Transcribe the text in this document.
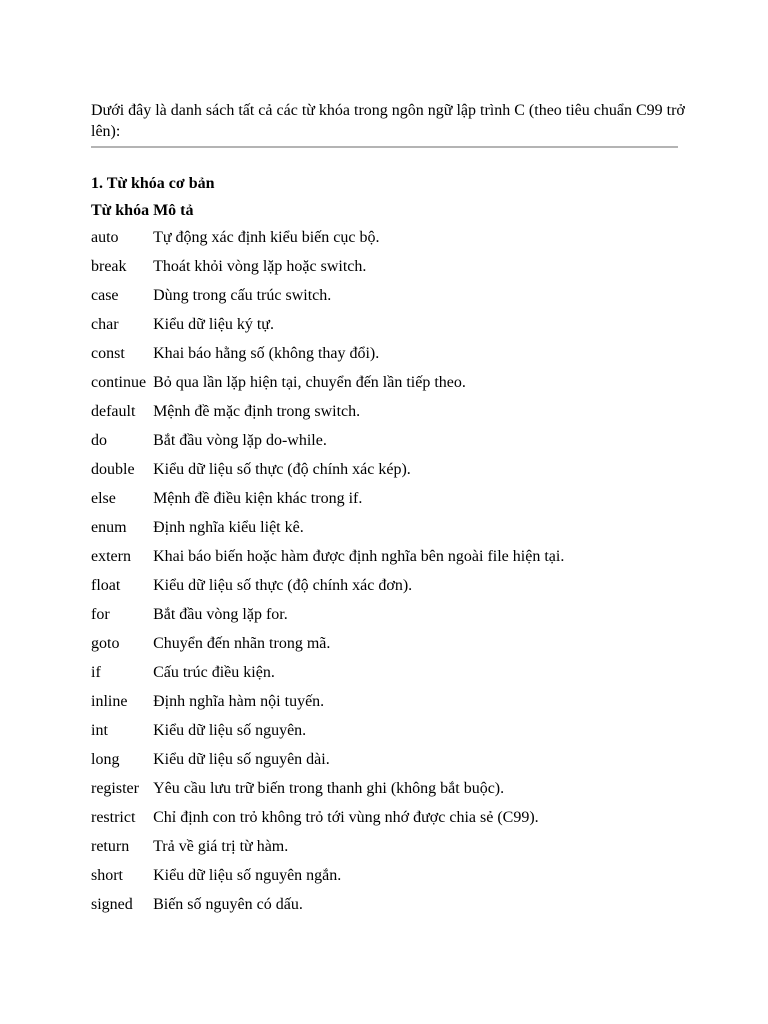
Dưới đây là danh sách tất cả các từ khóa trong ngôn ngữ lập trình C (theo tiêu chuẩn C99 trở lên):

1. Từ khóa cơ bản
Từ khóa	Mô tả
auto	Tự động xác định kiểu biến cục bộ.
break	Thoát khỏi vòng lặp hoặc switch.
case	Dùng trong cấu trúc switch.
char	Kiểu dữ liệu ký tự.
const	Khai báo hằng số (không thay đổi).
continue	Bỏ qua lần lặp hiện tại, chuyển đến lần tiếp theo.
default	Mệnh đề mặc định trong switch.
do	Bắt đầu vòng lặp do-while.
double	Kiểu dữ liệu số thực (độ chính xác kép).
else	Mệnh đề điều kiện khác trong if.
enum	Định nghĩa kiểu liệt kê.
extern	Khai báo biến hoặc hàm được định nghĩa bên ngoài file hiện tại.
float	Kiểu dữ liệu số thực (độ chính xác đơn).
for	Bắt đầu vòng lặp for.
goto	Chuyển đến nhãn trong mã.
if	Cấu trúc điều kiện.
inline	Định nghĩa hàm nội tuyến.
int	Kiểu dữ liệu số nguyên.
long	Kiểu dữ liệu số nguyên dài.
register	Yêu cầu lưu trữ biến trong thanh ghi (không bắt buộc).
restrict	Chỉ định con trỏ không trỏ tới vùng nhớ được chia sẻ (C99).
return	Trả về giá trị từ hàm.
short	Kiểu dữ liệu số nguyên ngắn.
signed	Biến số nguyên có dấu.
